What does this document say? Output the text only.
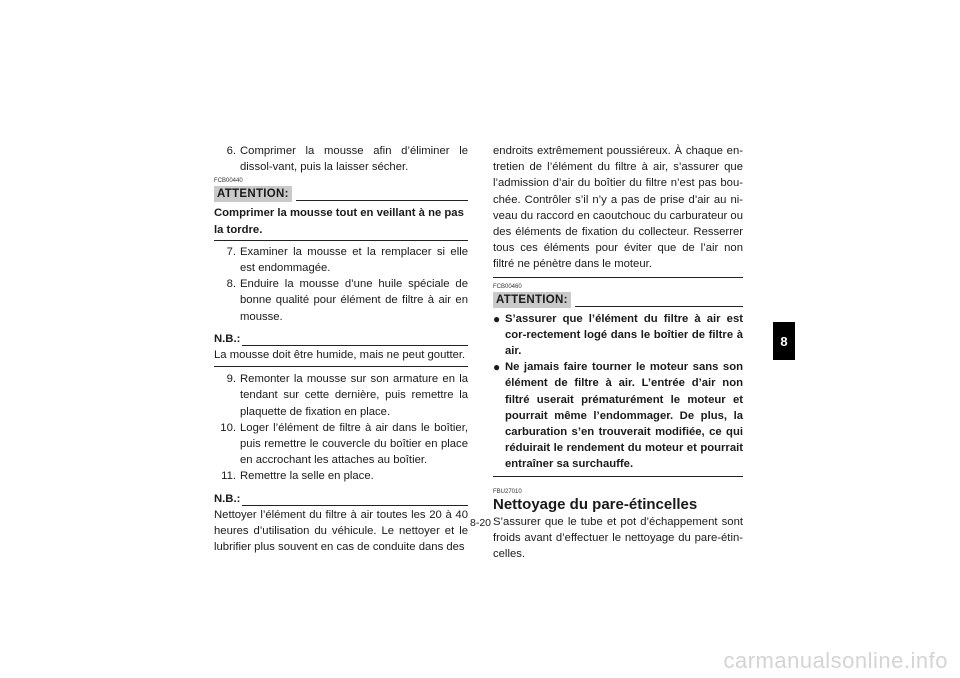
6. Comprimer la mousse afin d’éliminer le dissol-vant, puis la laisser sécher.
FCB00440
ATTENTION:
Comprimer la mousse tout en veillant à ne pas la tordre.
7. Examiner la mousse et la remplacer si elle est endommagée.
8. Enduire la mousse d’une huile spéciale de bonne qualité pour élément de filtre à air en mousse.
N.B.:
La mousse doit être humide, mais ne peut goutter.
9. Remonter la mousse sur son armature en la tendant sur cette dernière, puis remettre la plaquette de fixation en place.
10. Loger l’élément de filtre à air dans le boîtier, puis remettre le couvercle du boîtier en place en accrochant les attaches au boîtier.
11. Remettre la selle en place.
N.B.:
Nettoyer l’élément du filtre à air toutes les 20 à 40 heures d’utilisation du véhicule. Le nettoyer et le lubrifier plus souvent en cas de conduite dans des
endroits extrêmement poussiéreux. À chaque en-tretien de l’élément du filtre à air, s’assurer que l’admission d’air du boîtier du filtre n’est pas bou-chée. Contrôler s’il n’y a pas de prise d’air au ni-veau du raccord en caoutchouc du carburateur ou des éléments de fixation du collecteur. Resserrer tous ces éléments pour éviter que de l’air non filtré ne pénètre dans le moteur.
FCB00460
ATTENTION:
● S’assurer que l’élément du filtre à air est cor-rectement logé dans le boîtier de filtre à air.
● Ne jamais faire tourner le moteur sans son élément de filtre à air. L’entrée d’air non filtré userait prématurément le moteur et pourrait même l’endommager. De plus, la carburation s’en trouverait modifiée, ce qui réduirait le rendement du moteur et pourrait entraîner sa surchauffe.
FBU27010
Nettoyage du pare-étincelles
S’assurer que le tube et pot d’échappement sont froids avant d’effectuer le nettoyage du pare-étin-celles.
8-20
8
carmanualsonline.info
